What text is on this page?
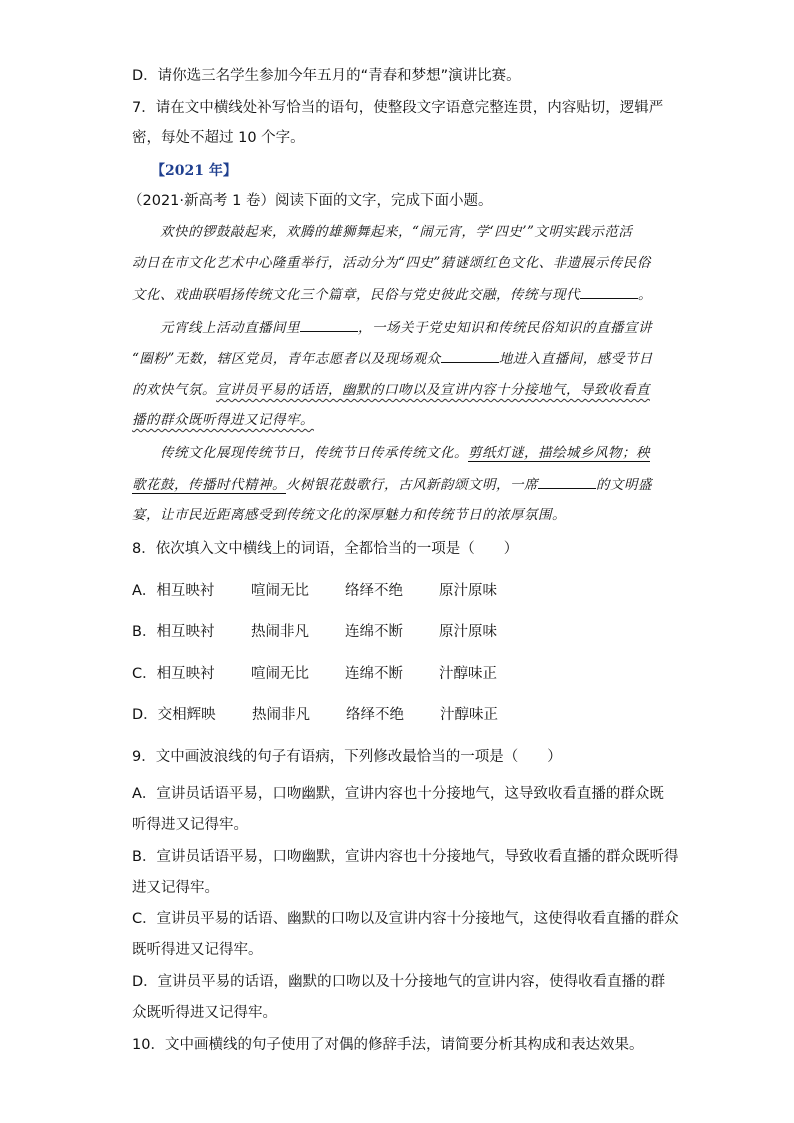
D．请你选三名学生参加今年五月的“青春和梦想”演讲比赛。
7．请在文中横线处补写恰当的语句，使整段文字语意完整连贯，内容贴切，逻辑严
密，每处不超过 10 个字。
【2021 年】
（2021·新高考 1 卷）阅读下面的文字，完成下面小题。
欢快的锣鼓敲起来，欢腾的雄狮舞起来，“闹元宵，学‘四史’”文明实践示范活
动日在市文化艺术中心隆重举行，活动分为“四史”猜谜颂红色文化、非遗展示传民俗
文化、戏曲联唱扬传统文化三个篇章，民俗与党史彼此交融，传统与现代	。
元宵线上活动直播间里	，一场关于党史知识和传统民俗知识的直播宣讲
“圈粉”无数，辖区党员，青年志愿者以及现场观众	地进入直播间，感受节日
的欢快气氛。宣讲员平易的话语，幽默的口吻以及宣讲内容十分接地气，导致收看直
播的群众既听得进又记得牢。
传统文化展现传统节日，传统节日传承传统文化。剪纸灯谜，描绘城乡风物；秧
歌花鼓，传播时代精神。火树银花鼓歌行，古风新韵颂文明，一席	的文明盛
宴，让市民近距离感受到传统文化的深厚魅力和传统节日的浓厚氛围。
8．依次填入文中横线上的词语，全都恰当的一项是（　　）
A．相互映衬	喧闹无比 络绎不绝 原汁原味
B．相互映衬	热闹非凡 连绵不断 原汁原味
C．相互映衬	喧闹无比 连绵不断 汁醇味正
D．交相辉映	热闹非凡 络绎不绝 汁醇味正
9．文中画波浪线的句子有语病，下列修改最恰当的一项是（　　）
A．宣讲员话语平易，口吻幽默，宣讲内容也十分接地气，这导致收看直播的群众既
听得进又记得牢。
B．宣讲员话语平易，口吻幽默，宣讲内容也十分接地气，导致收看直播的群众既听得
进又记得牢。
C．宣讲员平易的话语、幽默的口吻以及宣讲内容十分接地气，这使得收看直播的群众
既听得进又记得牢。
D．宣讲员平易的话语，幽默的口吻以及十分接地气的宣讲内容，使得收看直播的群
众既听得进又记得牢。
10．文中画横线的句子使用了对偶的修辞手法，请简要分析其构成和表达效果。
